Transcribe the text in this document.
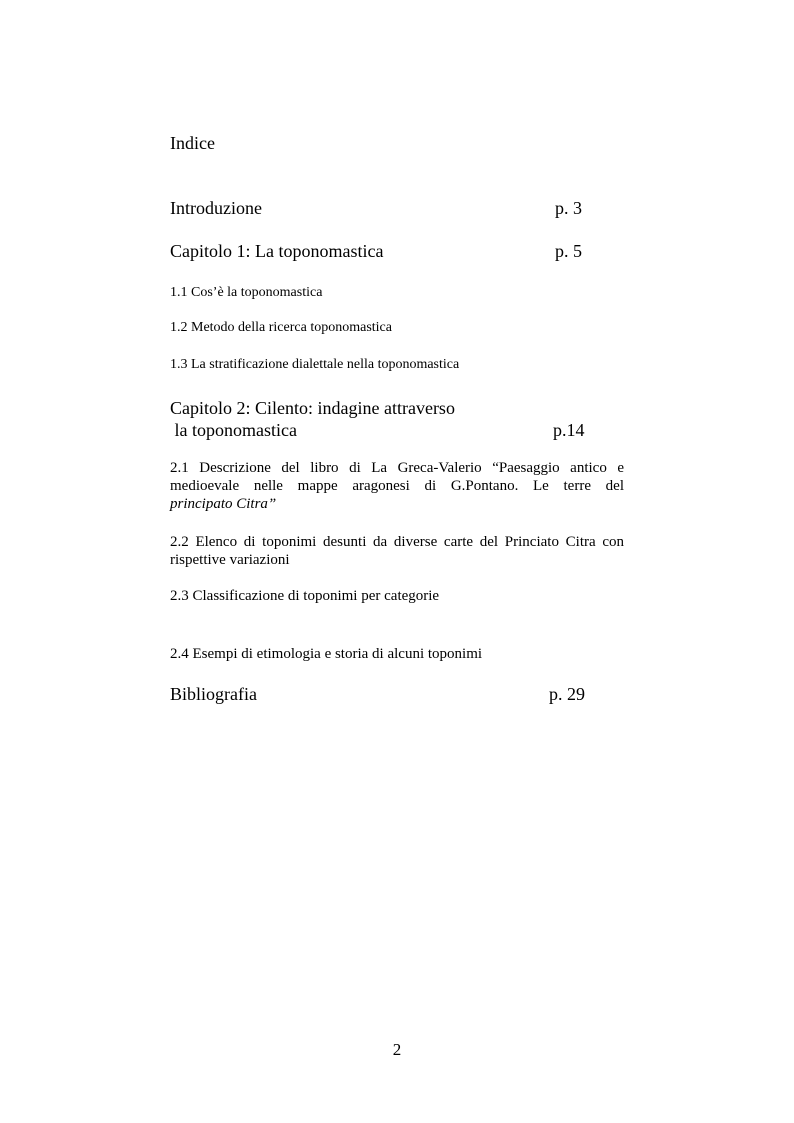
Indice
Introduzione	p. 3
Capitolo 1: La toponomastica	p. 5
1.1 Cos’è la toponomastica
1.2 Metodo della ricerca toponomastica
1.3 La stratificazione dialettale nella toponomastica
Capitolo 2: Cilento: indagine attraverso
la toponomastica	p.14
2.1 Descrizione del libro di La Greca-Valerio “Paesaggio antico e
medioevale nelle mappe aragonesi di G.Pontano. Le terre del
principato Citra”
2.2 Elenco di toponimi desunti da diverse carte del Princiato Citra con
rispettive variazioni
2.3 Classificazione di toponimi per categorie
2.4 Esempi di etimologia e storia di alcuni toponimi
Bibliografia	p. 29
2
